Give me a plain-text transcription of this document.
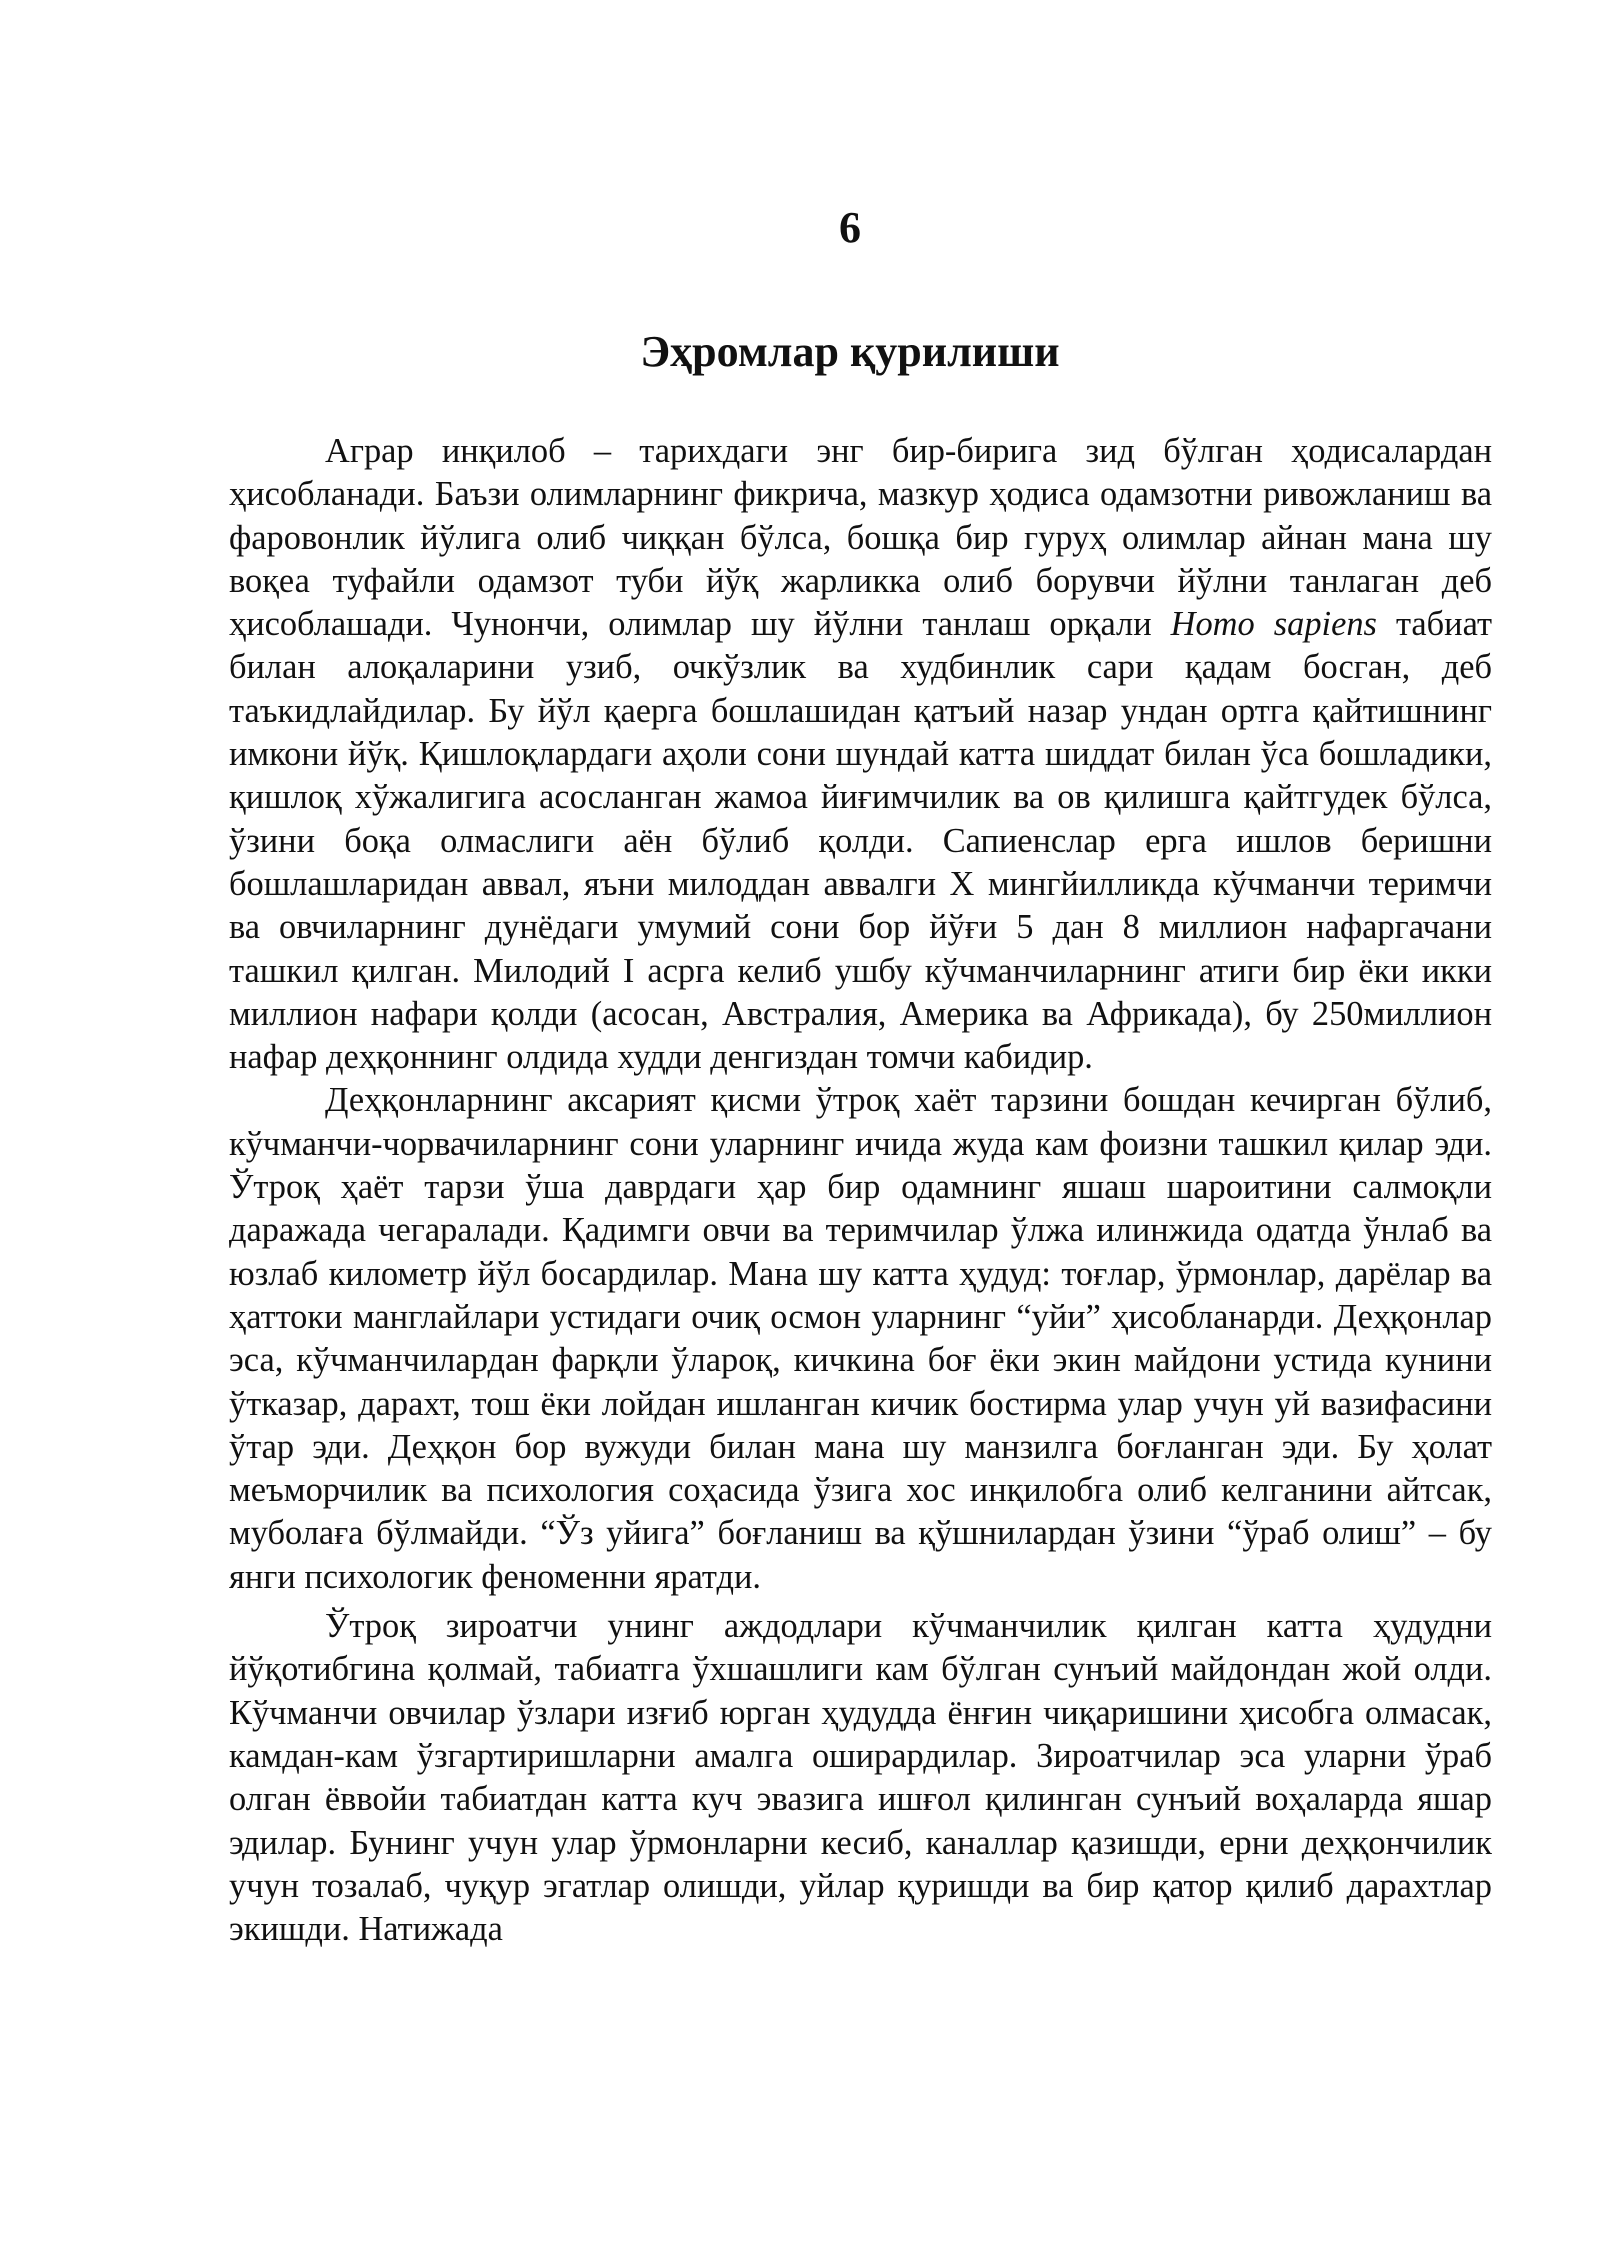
6
Эҳромлар қурилиши

Аграр инқилоб – тарихдаги энг бир-бирига зид бўлган ҳодисалардан ҳисобланади. Баъзи олимларнинг фикрича, мазкур ҳодиса одамзотни ривожланиш ва фаровонлик йўлига олиб чиққан бўлса, бошқа бир гуруҳ олимлар айнан мана шу воқеа туфайли одамзот туби йўқ жарликка олиб борувчи йўлни танлаган деб ҳисоблашади. Чунончи, олимлар шу йўлни танлаш орқали Homo sapiens табиат билан алоқаларини узиб, очкўзлик ва худбинлик сари қадам босган, деб таъкидлайдилар. Бу йўл қаерга бошлашидан қатъий назар ундан ортга қайтишнинг имкони йўқ. Қишлоқлардаги аҳоли сони шундай катта шиддат билан ўса бошладики, қишлоқ хўжалигига асосланган жамоа йиғимчилик ва ов қилишга қайтгудек бўлса, ўзини боқа олмаслиги аён бўлиб қолди. Сапиенслар ерга ишлов беришни бошлашларидан аввал, яъни милоддан аввалги X мингйилликда кўчманчи теримчи ва овчиларнинг дунёдаги умумий сони бор йўғи 5 дан 8 миллион нафаргачани ташкил қилган. Милодий I асрга келиб ушбу кўчманчиларнинг атиги бир ёки икки миллион нафари қолди (асосан, Австралия, Америка ва Африкада), бу 250миллион нафар деҳқоннинг олдида худди денгиздан томчи кабидир.

Деҳқонларнинг аксарият қисми ўтроқ хаёт тарзини бошдан кечирган бўлиб, кўчманчи-чорвачиларнинг сони уларнинг ичида жуда кам фоизни ташкил қилар эди. Ўтроқ ҳаёт тарзи ўша даврдаги ҳар бир одамнинг яшаш шароитини салмоқли даражада чегаралади. Қадимги овчи ва теримчилар ўлжа илинжида одатда ўнлаб ва юзлаб километр йўл босардилар. Мана шу катта ҳудуд: тоғлар, ўрмонлар, дарёлар ва ҳаттоки манглайлари устидаги очиқ осмон уларнинг “уйи” ҳисобланарди. Деҳқонлар эса, кўчманчилардан фарқли ўлароқ, кичкина боғ ёки экин майдони устида кунини ўтказар, дарахт, тош ёки лойдан ишланган кичик бостирма улар учун уй вазифасини ўтар эди. Деҳқон бор вужуди билан мана шу манзилга боғланган эди. Бу ҳолат меъморчилик ва психология соҳасида ўзига хос инқилобга олиб келганини айтсак, муболаға бўлмайди. “Ўз уйига” боғланиш ва қўшнилардан ўзини “ўраб олиш” – бу янги психологик феноменни яратди.

Ўтроқ зироатчи унинг аждодлари кўчманчилик қилган катта ҳудудни йўқотибгина қолмай, табиатга ўхшашлиги кам бўлган сунъий майдондан жой олди. Кўчманчи овчилар ўзлари изғиб юрган ҳудудда ёнғин чиқаришини ҳисобга олмасак, камдан-кам ўзгартиришларни амалга оширардилар. Зироатчилар эса уларни ўраб олган ёввойи табиатдан катта куч эвазига ишғол қилинган сунъий воҳаларда яшар эдилар. Бунинг учун улар ўрмонларни кесиб, каналлар қазишди, ерни деҳқончилик учун тозалаб, чуқур эгатлар олишди, уйлар қуришди ва бир қатор қилиб дарахтлар экишди. Натижада
